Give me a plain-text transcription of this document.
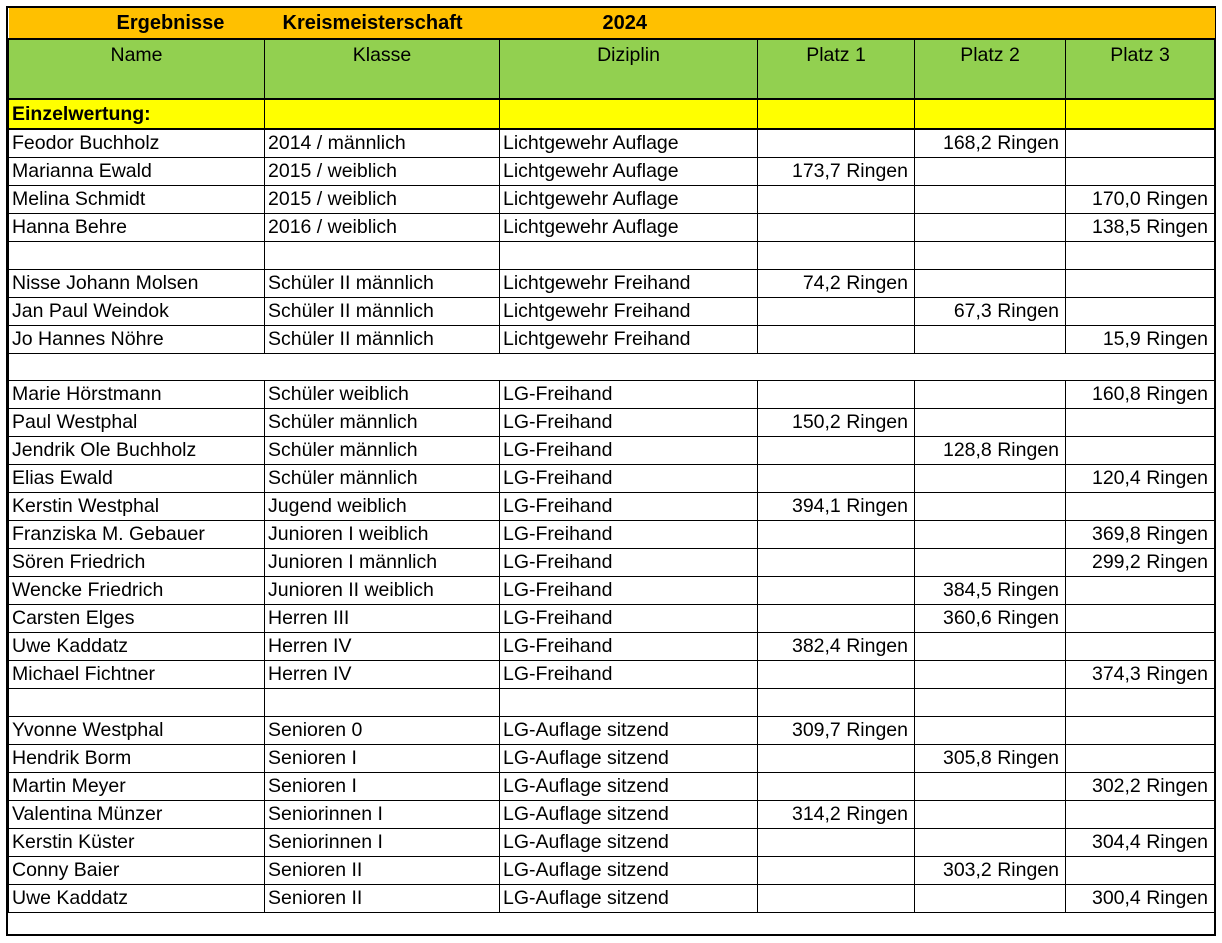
Ergebnisse Kreismeisterschaft 2024					

Name	Klasse	Diziplin	Platz 1	Platz 2	Platz 3
Einzelwertung:					
Feodor Buchholz	2014 / männlich	Lichtgewehr Auflage		168,2 Ringen	
Marianna Ewald	2015 / weiblich	Lichtgewehr Auflage	173,7 Ringen		
Melina Schmidt	2015 / weiblich	Lichtgewehr Auflage			170,0 Ringen
Hanna Behre	2016 / weiblich	Lichtgewehr Auflage			138,5 Ringen

Nisse Johann Molsen	Schüler II männlich	Lichtgewehr Freihand	74,2 Ringen		
Jan Paul Weindok	Schüler II männlich	Lichtgewehr Freihand		67,3 Ringen	
Jo Hannes Nöhre	Schüler II männlich	Lichtgewehr Freihand			15,9 Ringen

Marie Hörstmann	Schüler weiblich	LG-Freihand			160,8 Ringen
Paul Westphal	Schüler männlich	LG-Freihand	150,2 Ringen		
Jendrik Ole Buchholz	Schüler männlich	LG-Freihand		128,8 Ringen	
Elias Ewald	Schüler männlich	LG-Freihand			120,4 Ringen
Kerstin Westphal	Jugend weiblich	LG-Freihand	394,1 Ringen		
Franziska M. Gebauer	Junioren I weiblich	LG-Freihand			369,8 Ringen
Sören Friedrich	Junioren I männlich	LG-Freihand			299,2 Ringen
Wencke Friedrich	Junioren II weiblich	LG-Freihand		384,5 Ringen	
Carsten Elges	Herren III	LG-Freihand		360,6 Ringen	
Uwe Kaddatz	Herren IV	LG-Freihand	382,4 Ringen		
Michael Fichtner	Herren IV	LG-Freihand			374,3 Ringen

Yvonne Westphal	Senioren 0	LG-Auflage sitzend	309,7 Ringen		
Hendrik Borm	Senioren I	LG-Auflage sitzend		305,8 Ringen	
Martin Meyer	Senioren I	LG-Auflage sitzend			302,2 Ringen
Valentina Münzer	Seniorinnen I	LG-Auflage sitzend	314,2 Ringen		
Kerstin Küster	Seniorinnen I	LG-Auflage sitzend			304,4 Ringen
Conny Baier	Senioren II	LG-Auflage sitzend		303,2 Ringen	
Uwe Kaddatz	Senioren II	LG-Auflage sitzend			300,4 Ringen
